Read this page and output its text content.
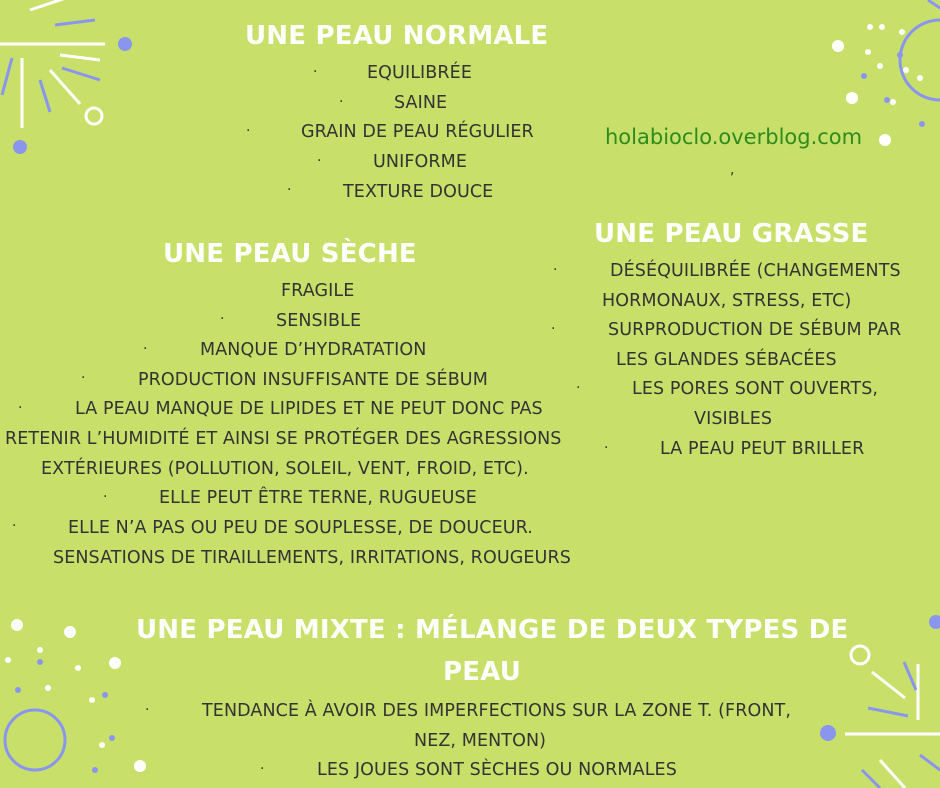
holabioclo.overblog.com
,
UNE PEAU NORMALE
·	EQUILIBRÉE
·	SAINE
·	GRAIN DE PEAU RÉGULIER
·	UNIFORME
·	TEXTURE DOUCE
UNE PEAU SÈCHE
FRAGILE
·	SENSIBLE
·	MANQUE D’HYDRATATION
·	PRODUCTION INSUFFISANTE DE SÉBUM
·	LA PEAU MANQUE DE LIPIDES ET NE PEUT DONC PAS
RETENIR L’HUMIDITÉ ET AINSI SE PROTÉGER DES AGRESSIONS
EXTÉRIEURES (POLLUTION, SOLEIL, VENT, FROID, ETC).
·	ELLE PEUT ÊTRE TERNE, RUGUEUSE
·	ELLE N’A PAS OU PEU DE SOUPLESSE, DE DOUCEUR.
SENSATIONS DE TIRAILLEMENTS, IRRITATIONS, ROUGEURS
UNE PEAU GRASSE
·	DÉSÉQUILIBRÉE (CHANGEMENTS
HORMONAUX, STRESS, ETC)
·	SURPRODUCTION DE SÉBUM PAR
LES GLANDES SÉBACÉES
·	LES PORES SONT OUVERTS,
VISIBLES
·	LA PEAU PEUT BRILLER
UNE PEAU MIXTE : MÉLANGE DE DEUX TYPES DE
PEAU
·	TENDANCE À AVOIR DES IMPERFECTIONS SUR LA ZONE T. (FRONT,
NEZ, MENTON)
·	LES JOUES SONT SÈCHES OU NORMALES
